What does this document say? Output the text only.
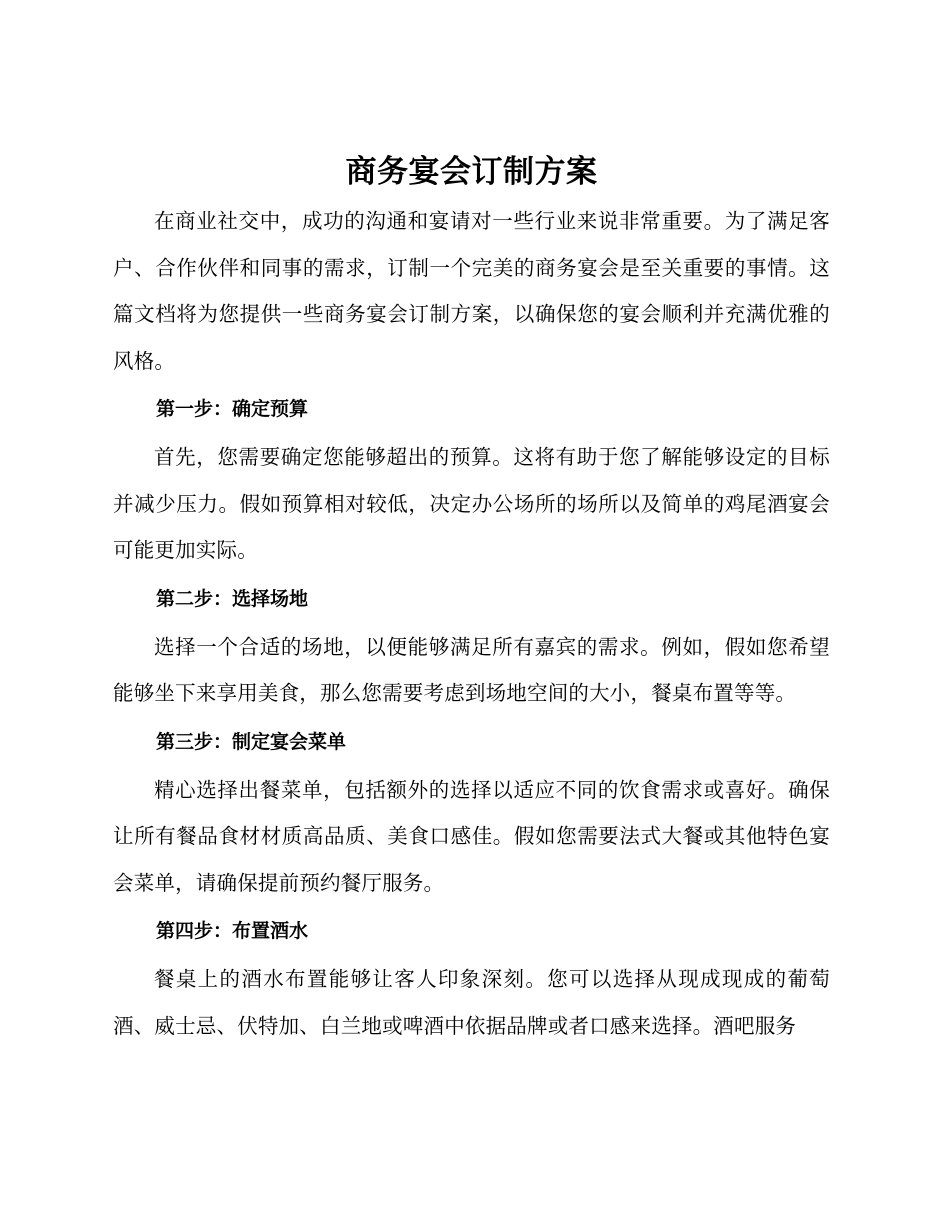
商务宴会订制方案

在商业社交中，成功的沟通和宴请对一些行业来说非常重要。为了满足客户、合作伙伴和同事的需求，订制一个完美的商务宴会是至关重要的事情。这篇文档将为您提供一些商务宴会订制方案，以确保您的宴会顺利并充满优雅的风格。

第一步：确定预算

首先，您需要确定您能够超出的预算。这将有助于您了解能够设定的目标并减少压力。假如预算相对较低，决定办公场所的场所以及简单的鸡尾酒宴会可能更加实际。

第二步：选择场地

选择一个合适的场地，以便能够满足所有嘉宾的需求。例如，假如您希望能够坐下来享用美食，那么您需要考虑到场地空间的大小，餐桌布置等等。

第三步：制定宴会菜单

精心选择出餐菜单，包括额外的选择以适应不同的饮食需求或喜好。确保让所有餐品食材材质高品质、美食口感佳。假如您需要法式大餐或其他特色宴会菜单，请确保提前预约餐厅服务。

第四步：布置酒水

餐桌上的酒水布置能够让客人印象深刻。您可以选择从现成现成的葡萄酒、威士忌、伏特加、白兰地或啤酒中依据品牌或者口感来选择。酒吧服务
